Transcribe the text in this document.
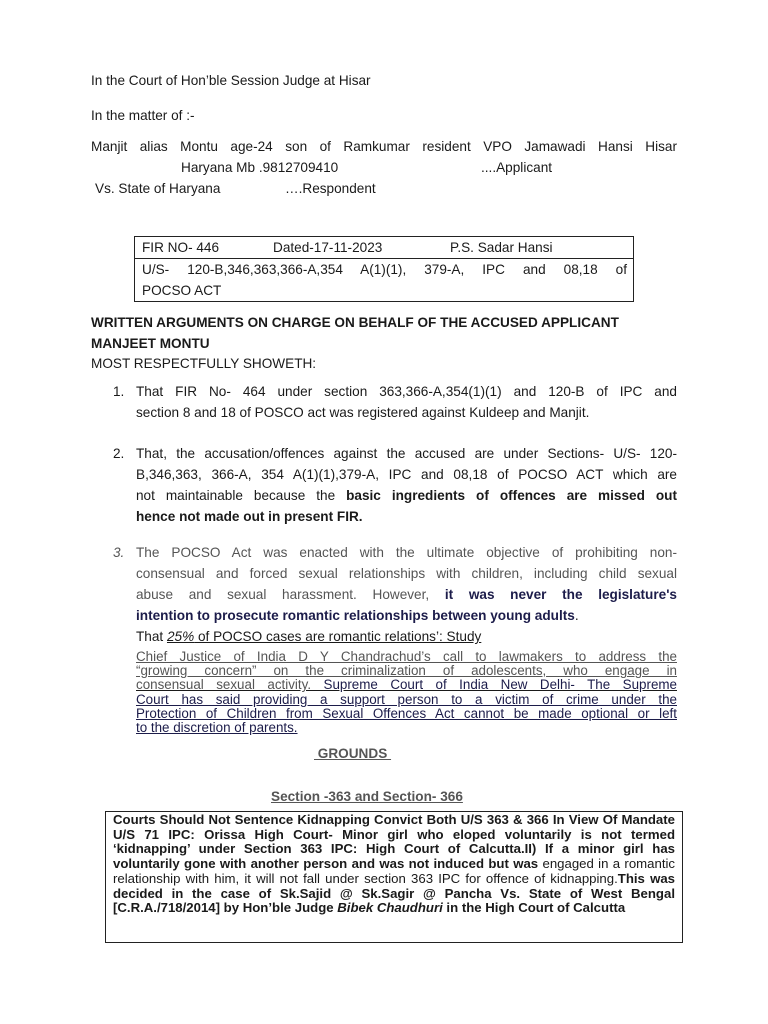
In the Court of Hon’ble Session Judge at Hisar
In the matter of :-
Manjit alias Montu age-24 son of Ramkumar resident VPO Jamawadi Hansi Hisar
Haryana Mb .9812709410	....Applicant
Vs. State of Haryana	….Respondent
FIR NO- 446	Dated-17-11-2023	P.S. Sadar Hansi
U/S- 120-B,346,363,366-A,354 A(1)(1), 379-A, IPC and 08,18 of
POCSO ACT
WRITTEN ARGUMENTS ON CHARGE ON BEHALF OF THE ACCUSED APPLICANT
MANJEET MONTU
MOST RESPECTFULLY SHOWETH:
1. That FIR No- 464 under section 363,366-A,354(1)(1) and 120-B of IPC and
section 8 and 18 of POSCO act was registered against Kuldeep and Manjit.
2. That, the accusation/offences against the accused are under Sections- U/S- 120-
B,346,363, 366-A, 354 A(1)(1),379-A, IPC and 08,18 of POCSO ACT which are
not maintainable because the basic ingredients of offences are missed out
hence not made out in present FIR.
3. The POCSO Act was enacted with the ultimate objective of prohibiting non-
consensual and forced sexual relationships with children, including child sexual
abuse and sexual harassment. However, it was never the legislature's
intention to prosecute romantic relationships between young adults.
That 25% of POCSO cases are romantic relations’: Study
Chief Justice of India D Y Chandrachud’s call to lawmakers to address the
“growing concern” on the criminalization of adolescents, who engage in
consensual sexual activity. Supreme Court of India New Delhi- The Supreme
Court has said providing a support person to a victim of crime under the
Protection of Children from Sexual Offences Act cannot be made optional or left
to the discretion of parents.
GROUNDS
Section -363 and Section- 366
Courts Should Not Sentence Kidnapping Convict Both U/S 363 & 366 In View Of Mandate U/S 71 IPC: Orissa High Court- Minor girl who eloped voluntarily is not termed ‘kidnapping’ under Section 363 IPC: High Court of Calcutta.II) If a minor girl has voluntarily gone with another person and was not induced but was engaged in a romantic relationship with him, it will not fall under section 363 IPC for offence of kidnapping.This was decided in the case of Sk.Sajid @ Sk.Sagir @ Pancha Vs. State of West Bengal [C.R.A./718/2014] by Hon’ble Judge Bibek Chaudhuri in the High Court of Calcutta
